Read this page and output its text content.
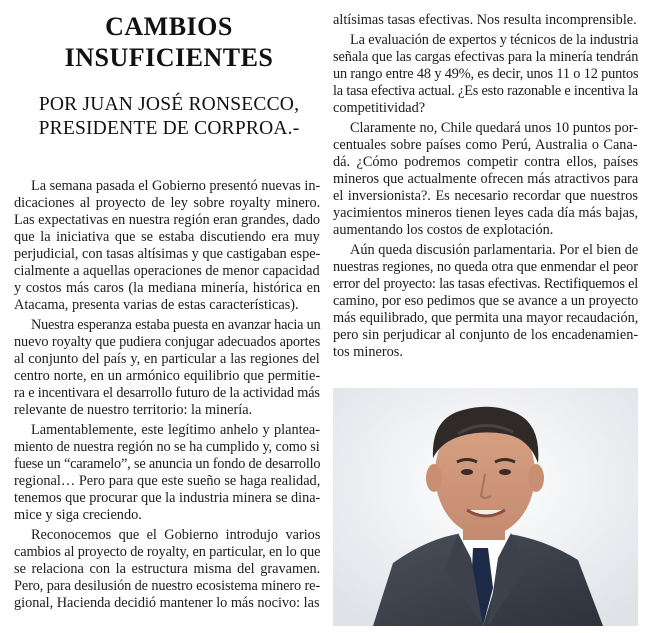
CAMBIOS
INSUFICIENTES
POR JUAN JOSÉ RONSECCO,
PRESIDENTE DE CORPROA.-
La semana pasada el Gobierno presentó nuevas in-
dicaciones al proyecto de ley sobre royalty minero.
Las expectativas en nuestra región eran grandes, dado
que la iniciativa que se estaba discutiendo era muy
perjudicial, con tasas altísimas y que castigaban espe-
cialmente a aquellas operaciones de menor capacidad
y costos más caros (la mediana minería, histórica en
Atacama, presenta varias de estas características).
Nuestra esperanza estaba puesta en avanzar hacia un
nuevo royalty que pudiera conjugar adecuados aportes
al conjunto del país y, en particular a las regiones del
centro norte, en un armónico equilibrio que permitie-
ra e incentivara el desarrollo futuro de la actividad más
relevante de nuestro territorio: la minería.
Lamentablemente, este legítimo anhelo y plantea-
miento de nuestra región no se ha cumplido y, como si
fuese un “caramelo”, se anuncia un fondo de desarrollo
regional… Pero para que este sueño se haga realidad,
tenemos que procurar que la industria minera se dina-
mice y siga creciendo.
Reconocemos que el Gobierno introdujo varios
cambios al proyecto de royalty, en particular, en lo que
se relaciona con la estructura misma del gravamen.
Pero, para desilusión de nuestro ecosistema minero re-
gional, Hacienda decidió mantener lo más nocivo: las
altísimas tasas efectivas. Nos resulta incomprensible.
La evaluación de expertos y técnicos de la industria
señala que las cargas efectivas para la minería tendrán
un rango entre 48 y 49%, es decir, unos 11 o 12 puntos
la tasa efectiva actual. ¿Es esto razonable e incentiva la
competitividad?
Claramente no, Chile quedará unos 10 puntos por-
centuales sobre países como Perú, Australia o Cana-
dá. ¿Cómo podremos competir contra ellos, países
mineros que actualmente ofrecen más atractivos para
el inversionista?. Es necesario recordar que nuestros
yacimientos mineros tienen leyes cada día más bajas,
aumentando los costos de explotación.
Aún queda discusión parlamentaria. Por el bien de
nuestras regiones, no queda otra que enmendar el peor
error del proyecto: las tasas efectivas. Rectifiquemos el
camino, por eso pedimos que se avance a un proyecto
más equilibrado, que permita una mayor recaudación,
pero sin perjudicar al conjunto de los encadenamien-
tos mineros.
